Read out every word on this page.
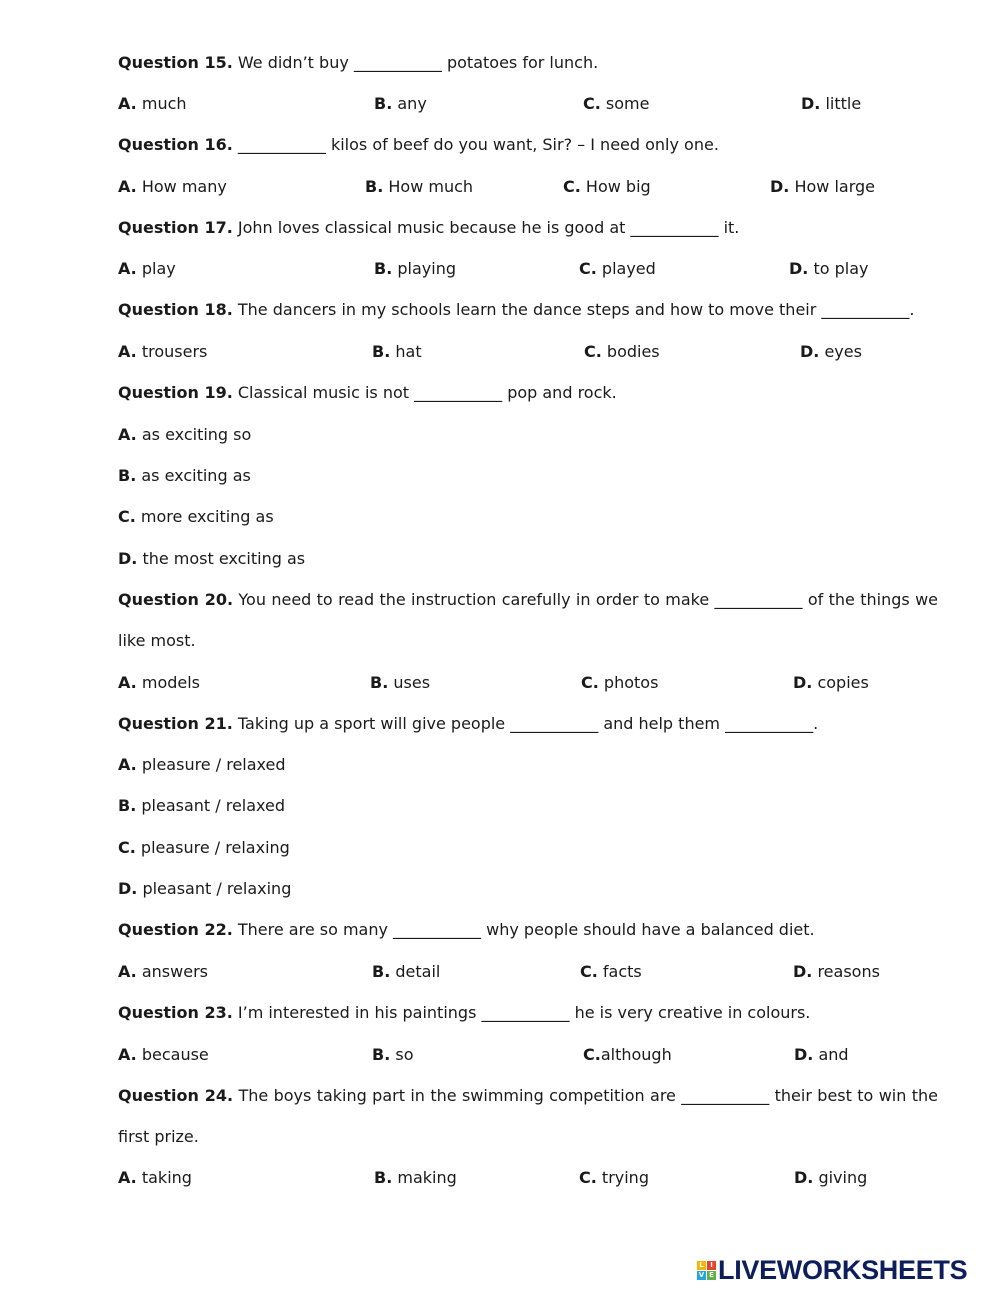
Question 15. We didn’t buy ___________ potatoes for lunch.
A. much	B. any	C. some	D. little
Question 16. ___________ kilos of beef do you want, Sir? – I need only one.
A. How many	B. How much	C. How big	D. How large
Question 17. John loves classical music because he is good at ___________ it.
A. play	B. playing	C. played	D. to play
Question 18. The dancers in my schools learn the dance steps and how to move their ___________.
A. trousers	B. hat	C. bodies	D. eyes
Question 19. Classical music is not ___________ pop and rock.
A. as exciting so
B. as exciting as
C. more exciting as
D. the most exciting as
Question 20. You need to read the instruction carefully in order to make ___________ of the things we
like most.
A. models	B. uses	C. photos	D. copies
Question 21. Taking up a sport will give people ___________ and help them ___________.
A. pleasure / relaxed
B. pleasant / relaxed
C. pleasure / relaxing
D. pleasant / relaxing
Question 22. There are so many ___________ why people should have a balanced diet.
A. answers	B. detail	C. facts	D. reasons
Question 23. I’m interested in his paintings ___________ he is very creative in colours.
A. because	B. so	C.although	D. and
Question 24. The boys taking part in the swimming competition are ___________ their best to win the
first prize.
A. taking	B. making	C. trying	D. giving
L I
V E LIVEWORKSHEETS
